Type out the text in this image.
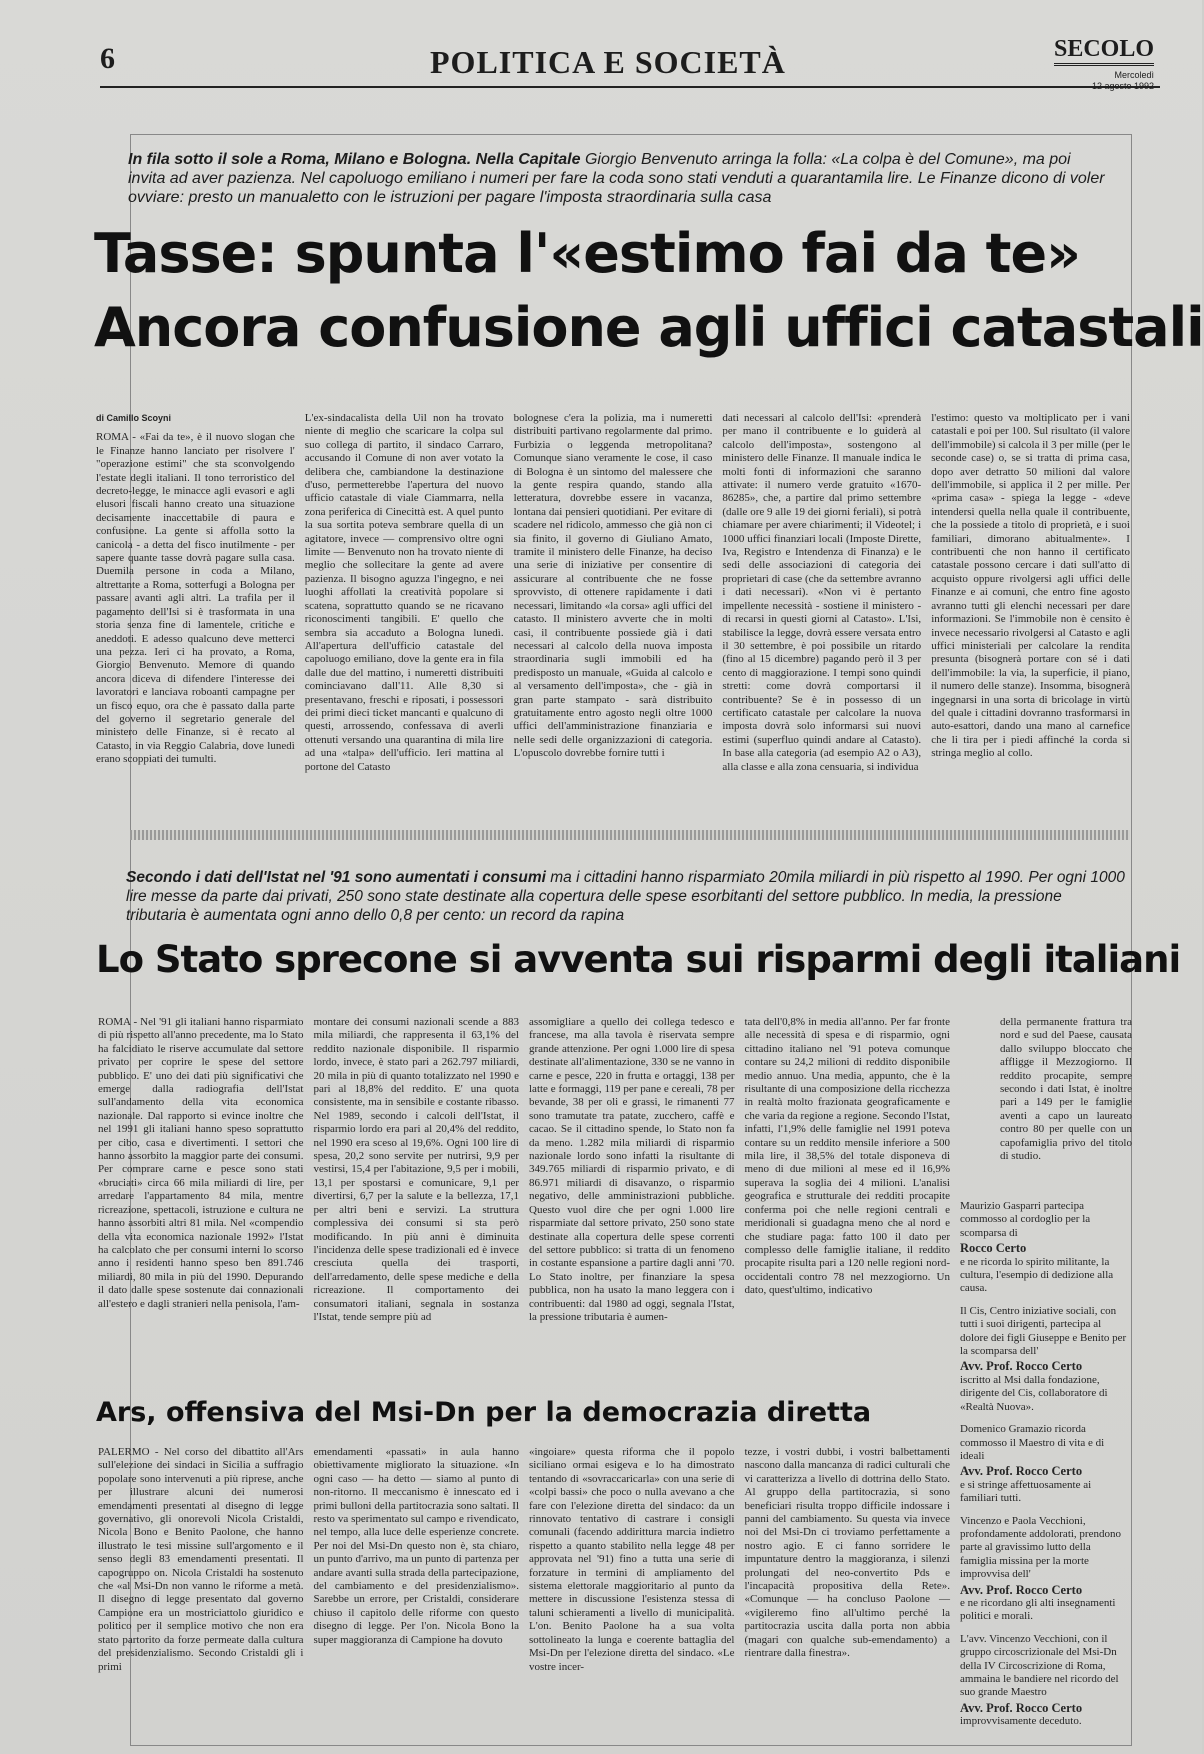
6	POLITICA E SOCIETÀ	SECOLO
Mercoledì
12 agosto 1992
In fila sotto il sole a Roma, Milano e Bologna. Nella Capitale Giorgio Benvenuto arringa la folla: «La colpa è del Comune», ma poi invita ad aver pazienza. Nel capoluogo emiliano i numeri per fare la coda sono stati venduti a quarantamila lire. Le Finanze dicono di voler ovviare: presto un manualetto con le istruzioni per pagare l'imposta straordinaria sulla casa
Tasse: spunta l'«estimo fai da te»
Ancora confusione agli uffici catastali
di Camillo Scoyni
ROMA - «Fai da te», è il nuovo slogan che le Finanze hanno lanciato per risolvere l' "operazione estimi" che sta sconvolgendo l'estate degli italiani. Il tono terroristico del decreto-legge, le minacce agli evasori e agli elusori fiscali hanno creato una situazione decisamente inaccettabile di paura e confusione. La gente si affolla sotto la canicola - a detta del fisco inutilmente - per sapere quante tasse dovrà pagare sulla casa. Duemila persone in coda a Milano, altrettante a Roma, sotterfugi a Bologna per passare avanti agli altri. La trafila per il pagamento dell'Isi si è trasformata in una storia senza fine di lamentele, critiche e aneddoti. E adesso qualcuno deve metterci una pezza. Ieri ci ha provato, a Roma, Giorgio Benvenuto. Memore di quando ancora diceva di difendere l'interesse dei lavoratori e lanciava roboanti campagne per un fisco equo, ora che è passato dalla parte del governo il segretario generale del ministero delle Finanze, si è recato al Catasto, in via Reggio Calabria, dove lunedì erano scoppiati dei tumulti.
L'ex-sindacalista della Uil non ha trovato niente di meglio che scaricare la colpa sul suo collega di partito, il sindaco Carraro, accusando il Comune di non aver votato la delibera che, cambiandone la destinazione d'uso, permetterebbe l'apertura del nuovo ufficio catastale di viale Ciammarra, nella zona periferica di Cinecittà est. A quel punto la sua sortita poteva sembrare quella di un agitatore, invece — comprensivo oltre ogni limite — Benvenuto non ha trovato niente di meglio che sollecitare la gente ad avere pazienza. Il bisogno aguzza l'ingegno, e nei luoghi affollati la creatività popolare si scatena, soprattutto quando se ne ricavano riconoscimenti tangibili. E' quello che sembra sia accaduto a Bologna lunedì. All'apertura dell'ufficio catastale del capoluogo emiliano, dove la gente era in fila dalle due del mattino, i numeretti distribuiti cominciavano dall'11. Alle 8,30 si presentavano, freschi e riposati, i possessori dei primi dieci ticket mancanti e qualcuno di questi, arrossendo, confessava di averli ottenuti versando una quarantina di mila lire ad una «talpa» dell'ufficio. Ieri mattina al portone del Catasto
bolognese c'era la polizia, ma i numeretti distribuiti partivano regolarmente dal primo. Furbizia o leggenda metropolitana? Comunque siano veramente le cose, il caso di Bologna è un sintomo del malessere che la gente respira quando, stando alla letteratura, dovrebbe essere in vacanza, lontana dai pensieri quotidiani. Per evitare di scadere nel ridicolo, ammesso che già non ci sia finito, il governo di Giuliano Amato, tramite il ministero delle Finanze, ha deciso una serie di iniziative per consentire di assicurare al contribuente che ne fosse sprovvisto, di ottenere rapidamente i dati necessari, limitando «la corsa» agli uffici del catasto. Il ministero avverte che in molti casi, il contribuente possiede già i dati necessari al calcolo della nuova imposta straordinaria sugli immobili ed ha predisposto un manuale, «Guida al calcolo e al versamento dell'imposta», che - già in gran parte stampato - sarà distribuito gratuitamente entro agosto negli oltre 1000 uffici dell'amministrazione finanziaria e nelle sedi delle organizzazioni di categoria. L'opuscolo dovrebbe fornire tutti i
dati necessari al calcolo dell'Isi: «prenderà per mano il contribuente e lo guiderà al calcolo dell'imposta», sostengono al ministero delle Finanze. Il manuale indica le molti fonti di informazioni che saranno attivate: il numero verde gratuito «1670-86285», che, a partire dal primo settembre (dalle ore 9 alle 19 dei giorni feriali), si potrà chiamare per avere chiarimenti; il Videotel; i 1000 uffici finanziari locali (Imposte Dirette, Iva, Registro e Intendenza di Finanza) e le sedi delle associazioni di categoria dei proprietari di case (che da settembre avranno i dati necessari). «Non vi è pertanto impellente necessità - sostiene il ministero - di recarsi in questi giorni al Catasto». L'Isi, stabilisce la legge, dovrà essere versata entro il 30 settembre, è poi possibile un ritardo (fino al 15 dicembre) pagando però il 3 per cento di maggiorazione. I tempi sono quindi stretti: come dovrà comportarsi il contribuente? Se è in possesso di un certificato catastale per calcolare la nuova imposta dovrà solo informarsi sui nuovi estimi (superfluo quindi andare al Catasto). In base alla categoria (ad esempio A2 o A3), alla classe e alla zona censuaria, si individua
l'estimo: questo va moltiplicato per i vani catastali e poi per 100. Sul risultato (il valore dell'immobile) si calcola il 3 per mille (per le seconde case) o, se si tratta di prima casa, dopo aver detratto 50 milioni dal valore dell'immobile, si applica il 2 per mille. Per «prima casa» - spiega la legge - «deve intendersi quella nella quale il contribuente, che la possiede a titolo di proprietà, e i suoi familiari, dimorano abitualmente». I contribuenti che non hanno il certificato catastale possono cercare i dati sull'atto di acquisto oppure rivolgersi agli uffici delle Finanze e ai comuni, che entro fine agosto avranno tutti gli elenchi necessari per dare informazioni. Se l'immobile non è censito è invece necessario rivolgersi al Catasto e agli uffici ministeriali per calcolare la rendita presunta (bisognerà portare con sé i dati dell'immobile: la via, la superficie, il piano, il numero delle stanze). Insomma, bisognerà ingegnarsi in una sorta di bricolage in virtù del quale i cittadini dovranno trasformarsi in auto-esattori, dando una mano al carnefice che li tira per i piedi affinché la corda si stringa meglio al collo.
Secondo i dati dell'Istat nel '91 sono aumentati i consumi ma i cittadini hanno risparmiato 20mila miliardi in più rispetto al 1990. Per ogni 1000 lire messe da parte dai privati, 250 sono state destinate alla copertura delle spese esorbitanti del settore pubblico. In media, la pressione tributaria è aumentata ogni anno dello 0,8 per cento: un record da rapina
Lo Stato sprecone si avventa sui risparmi degli italiani
ROMA - Nel '91 gli italiani hanno risparmiato di più rispetto all'anno precedente, ma lo Stato ha falcidiato le riserve accumulate dal settore privato per coprire le spese del settore pubblico. E' uno dei dati più significativi che emerge dalla radiografia dell'Istat sull'andamento della vita economica nazionale. Dal rapporto si evince inoltre che nel 1991 gli italiani hanno speso soprattutto per cibo, casa e divertimenti. I settori che hanno assorbito la maggior parte dei consumi. Per comprare carne e pesce sono stati «bruciati» circa 66 mila miliardi di lire, per arredare l'appartamento 84 mila, mentre ricreazione, spettacoli, istruzione e cultura ne hanno assorbiti altri 81 mila. Nel «compendio della vita economica nazionale 1992» l'Istat ha calcolato che per consumi interni lo scorso anno i residenti hanno speso ben 891.746 miliardi, 80 mila in più del 1990. Depurando il dato dalle spese sostenute dai connazionali all'estero e dagli stranieri nella penisola, l'am-
montare dei consumi nazionali scende a 883 mila miliardi, che rappresenta il 63,1% del reddito nazionale disponibile. Il risparmio lordo, invece, è stato pari a 262.797 miliardi, 20 mila in più di quanto totalizzato nel 1990 e pari al 18,8% del reddito. E' una quota consistente, ma in sensibile e costante ribasso. Nel 1989, secondo i calcoli dell'Istat, il risparmio lordo era pari al 20,4% del reddito, nel 1990 era sceso al 19,6%. Ogni 100 lire di spesa, 20,2 sono servite per nutrirsi, 9,9 per vestirsi, 15,4 per l'abitazione, 9,5 per i mobili, 13,1 per spostarsi e comunicare, 9,1 per divertirsi, 6,7 per la salute e la bellezza, 17,1 per altri beni e servizi. La struttura complessiva dei consumi si sta però modificando. In più anni è diminuita l'incidenza delle spese tradizionali ed è invece cresciuta quella dei trasporti, dell'arredamento, delle spese mediche e della ricreazione. Il comportamento dei consumatori italiani, segnala in sostanza l'Istat, tende sempre più ad
assomigliare a quello dei collega tedesco e francese, ma alla tavola è riservata sempre grande attenzione. Per ogni 1.000 lire di spesa destinate all'alimentazione, 330 se ne vanno in carne e pesce, 220 in frutta e ortaggi, 138 per latte e formaggi, 119 per pane e cereali, 78 per bevande, 38 per oli e grassi, le rimanenti 77 sono tramutate tra patate, zucchero, caffè e cacao. Se il cittadino spende, lo Stato non fa da meno. 1.282 mila miliardi di risparmio nazionale lordo sono infatti la risultante di 349.765 miliardi di risparmio privato, e di 86.971 miliardi di disavanzo, o risparmio negativo, delle amministrazioni pubbliche. Questo vuol dire che per ogni 1.000 lire risparmiate dal settore privato, 250 sono state destinate alla copertura delle spese correnti del settore pubblico: si tratta di un fenomeno in costante espansione a partire dagli anni '70. Lo Stato inoltre, per finanziare la spesa pubblica, non ha usato la mano leggera con i contribuenti: dal 1980 ad oggi, segnala l'Istat, la pressione tributaria è aumen-
tata dell'0,8% in media all'anno. Per far fronte alle necessità di spesa e di risparmio, ogni cittadino italiano nel '91 poteva comunque contare su 24,2 milioni di reddito disponibile medio annuo. Una media, appunto, che è la risultante di una composizione della ricchezza in realtà molto frazionata geograficamente e che varia da regione a regione. Secondo l'Istat, infatti, l'1,9% delle famiglie nel 1991 poteva contare su un reddito mensile inferiore a 500 mila lire, il 38,5% del totale disponeva di meno di due milioni al mese ed il 16,9% superava la soglia dei 4 milioni. L'analisi geografica e strutturale dei redditi procapite conferma poi che nelle regioni centrali e meridionali si guadagna meno che al nord e che studiare paga: fatto 100 il dato per complesso delle famiglie italiane, il reddito procapite risulta pari a 120 nelle regioni nord-occidentali contro 78 nel mezzogiorno. Un dato, quest'ultimo, indicativo
della permanente frattura tra nord e sud del Paese, causata dallo sviluppo bloccato che affligge il Mezzogiorno. Il reddito procapite, sempre secondo i dati Istat, è inoltre pari a 149 per le famiglie aventi a capo un laureato contro 80 per quelle con un capofamiglia privo del titolo di studio.
Ars, offensiva del Msi-Dn per la democrazia diretta
PALERMO - Nel corso del dibattito all'Ars sull'elezione dei sindaci in Sicilia a suffragio popolare sono intervenuti a più riprese, anche per illustrare alcuni dei numerosi emendamenti presentati al disegno di legge governativo, gli onorevoli Nicola Cristaldi, Nicola Bono e Benito Paolone, che hanno illustrato le tesi missine sull'argomento e il senso degli 83 emendamenti presentati. Il capogruppo on. Nicola Cristaldi ha sostenuto che «al Msi-Dn non vanno le riforme a metà. Il disegno di legge presentato dal governo Campione era un mostriciattolo giuridico e politico per il semplice motivo che non era stato partorito da forze permeate dalla cultura del presidenzialismo. Secondo Cristaldi gli i primi
emendamenti «passati» in aula hanno obiettivamente migliorato la situazione. «In ogni caso — ha detto — siamo al punto di non-ritorno. Il meccanismo è innescato ed i primi bulloni della partitocrazia sono saltati. Il resto va sperimentato sul campo e rivendicato, nel tempo, alla luce delle esperienze concrete. Per noi del Msi-Dn questo non è, sta chiaro, un punto d'arrivo, ma un punto di partenza per andare avanti sulla strada della partecipazione, del cambiamento e del presidenzialismo». Sarebbe un errore, per Cristaldi, considerare chiuso il capitolo delle riforme con questo disegno di legge. Per l'on. Nicola Bono la super maggioranza di Campione ha dovuto
«ingoiare» questa riforma che il popolo siciliano ormai esigeva e lo ha dimostrato tentando di «sovraccaricarla» con una serie di «colpi bassi» che poco o nulla avevano a che fare con l'elezione diretta del sindaco: da un rinnovato tentativo di castrare i consigli comunali (facendo addirittura marcia indietro rispetto a quanto stabilito nella legge 48 per approvata nel '91) fino a tutta una serie di forzature in termini di ampliamento del sistema elettorale maggioritario al punto da mettere in discussione l'esistenza stessa di taluni schieramenti a livello di municipalità. L'on. Benito Paolone ha a sua volta sottolineato la lunga e coerente battaglia del Msi-Dn per l'elezione diretta del sindaco. «Le vostre incer-
tezze, i vostri dubbi, i vostri balbettamenti nascono dalla mancanza di radici culturali che vi caratterizza a livello di dottrina dello Stato. Al gruppo della partitocrazia, si sono beneficiari risulta troppo difficile indossare i panni del cambiamento. Su questa via invece noi del Msi-Dn ci troviamo perfettamente a nostro agio. E ci fanno sorridere le impuntature dentro la maggioranza, i silenzi prolungati del neo-convertito Pds e l'incapacità propositiva della Rete». «Comunque — ha concluso Paolone — «vigileremo fino all'ultimo perché la partitocrazia uscita dalla porta non abbia (magari con qualche sub-emendamento) a rientrare dalla finestra».
Maurizio Gasparri partecipa commosso al cordoglio per la scomparsa di
Rocco Certo
e ne ricorda lo spirito militante, la cultura, l'esempio di dedizione alla causa.
Il Cis, Centro iniziative sociali, con tutti i suoi dirigenti, partecipa al dolore dei figli Giuseppe e Benito per la scomparsa dell'
Avv. Prof. Rocco Certo
iscritto al Msi dalla fondazione, dirigente del Cis, collaboratore di «Realtà Nuova».
Domenico Gramazio ricorda commosso il Maestro di vita e di ideali
Avv. Prof. Rocco Certo
e si stringe affettuosamente ai familiari tutti.
Vincenzo e Paola Vecchioni, profondamente addolorati, prendono parte al gravissimo lutto della famiglia missina per la morte improvvisa dell'
Avv. Prof. Rocco Certo
e ne ricordano gli alti insegnamenti politici e morali.
L'avv. Vincenzo Vecchioni, con il gruppo circoscrizionale del Msi-Dn della IV Circoscrizione di Roma, ammaina le bandiere nel ricordo del suo grande Maestro
Avv. Prof. Rocco Certo
improvvisamente deceduto.
